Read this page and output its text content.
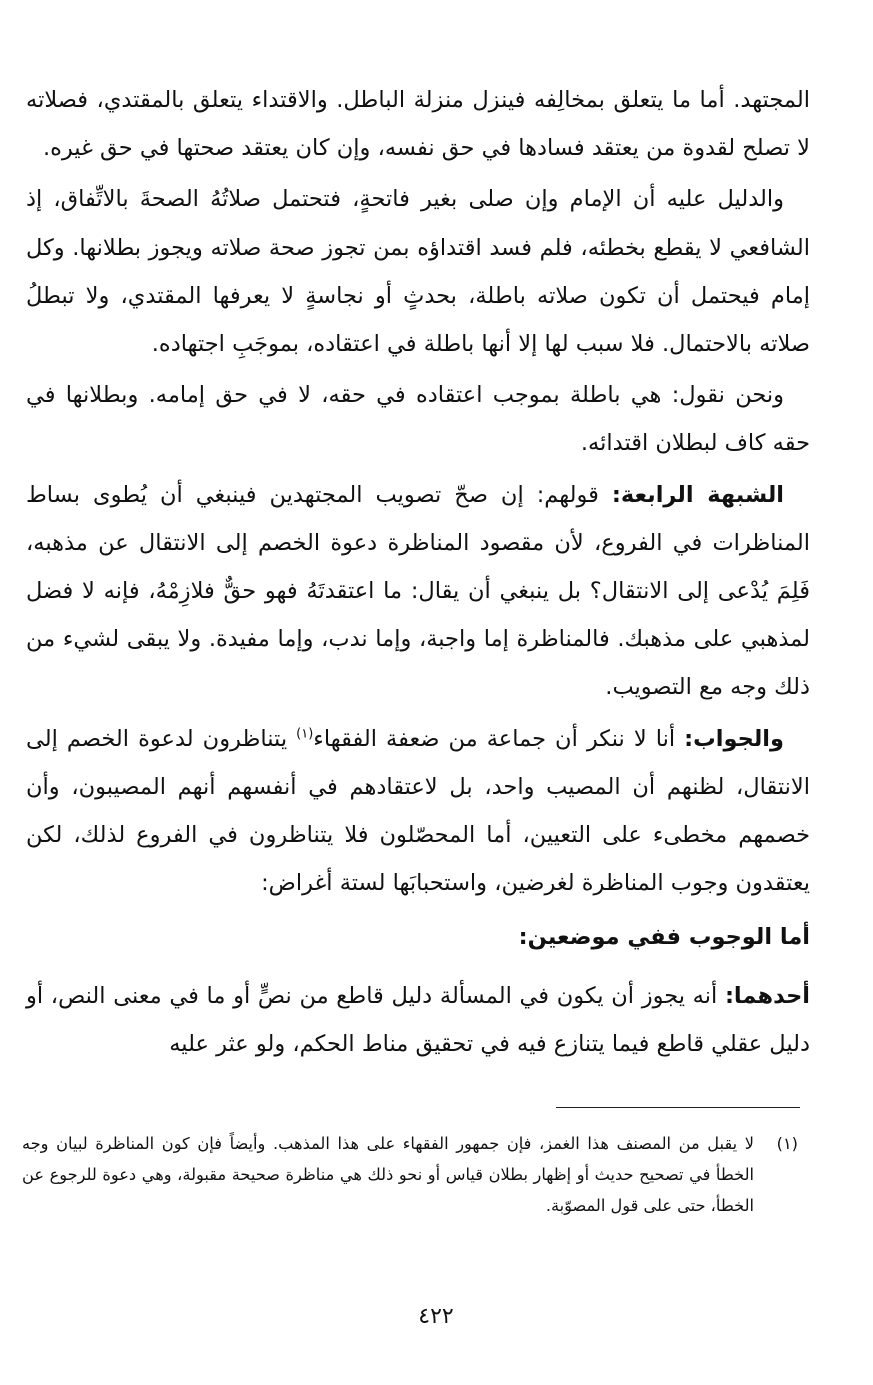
المجتهد. أما ما يتعلق بمخالِفه فينزل منزلة الباطل. والاقتداء يتعلق بالمقتدي، فصلاته لا تصلح لقدوة من يعتقد فسادها في حق نفسه، وإن كان يعتقد صحتها في حق غيره.

والدليل عليه أن الإمام وإن صلى بغير فاتحةٍ، فتحتمل صلاتُهُ الصحةَ بالاتِّفاق، إذ الشافعي لا يقطع بخطئه، فلم فسد اقتداؤه بمن تجوز صحة صلاته ويجوز بطلانها. وكل إمام فيحتمل أن تكون صلاته باطلة، بحدثٍ أو نجاسةٍ لا يعرفها المقتدي، ولا تبطلُ صلاته بالاحتمال. فلا سبب لها إلا أنها باطلة في اعتقاده، بموجَبِ اجتهاده.

ونحن نقول: هي باطلة بموجب اعتقاده في حقه، لا في حق إمامه. وبطلانها في حقه كاف لبطلان اقتدائه.

الشبهة الرابعة: قولهم: إن صحّ تصويب المجتهدين فينبغي أن يُطوى بساط المناظرات في الفروع، لأن مقصود المناظرة دعوة الخصم إلى الانتقال عن مذهبه، فَلِمَ يُدْعى إلى الانتقال؟ بل ينبغي أن يقال: ما اعتقدتَهُ فهو حقٌّ فلازِمْهُ، فإنه لا فضل لمذهبي على مذهبك. فالمناظرة إما واجبة، وإما ندب، وإما مفيدة. ولا يبقى لشيء من ذلك وجه مع التصويب.

والجواب: أنا لا ننكر أن جماعة من ضعفة الفقهاء$^{(١)}$ يتناظرون لدعوة الخصم إلى الانتقال، لظنهم أن المصيب واحد، بل لاعتقادهم في أنفسهم أنهم المصيبون، وأن خصمهم مخطىء على التعيين، أما المحصّلون فلا يتناظرون في الفروع لذلك، لكن يعتقدون وجوب المناظرة لغرضين، واستحبابَها لستة أغراض:

أما الوجوب ففي موضعين:

أحدهما: أنه يجوز أن يكون في المسألة دليل قاطع من نصٍّ أو ما في معنى النص، أو دليل عقلي قاطع فيما يتنازع فيه في تحقيق مناط الحكم، ولو عثر عليه

(١)
لا يقبل من المصنف هذا الغمز، فإن جمهور الفقهاء على هذا المذهب. وأيضاً فإن كون المناظرة لبيان وجه الخطأ في تصحيح حديث أو إظهار بطلان قياس أو نحو ذلك هي مناظرة صحيحة مقبولة، وهي دعوة للرجوع عن الخطأ، حتى على قول المصوّبة.
٤٢٢
